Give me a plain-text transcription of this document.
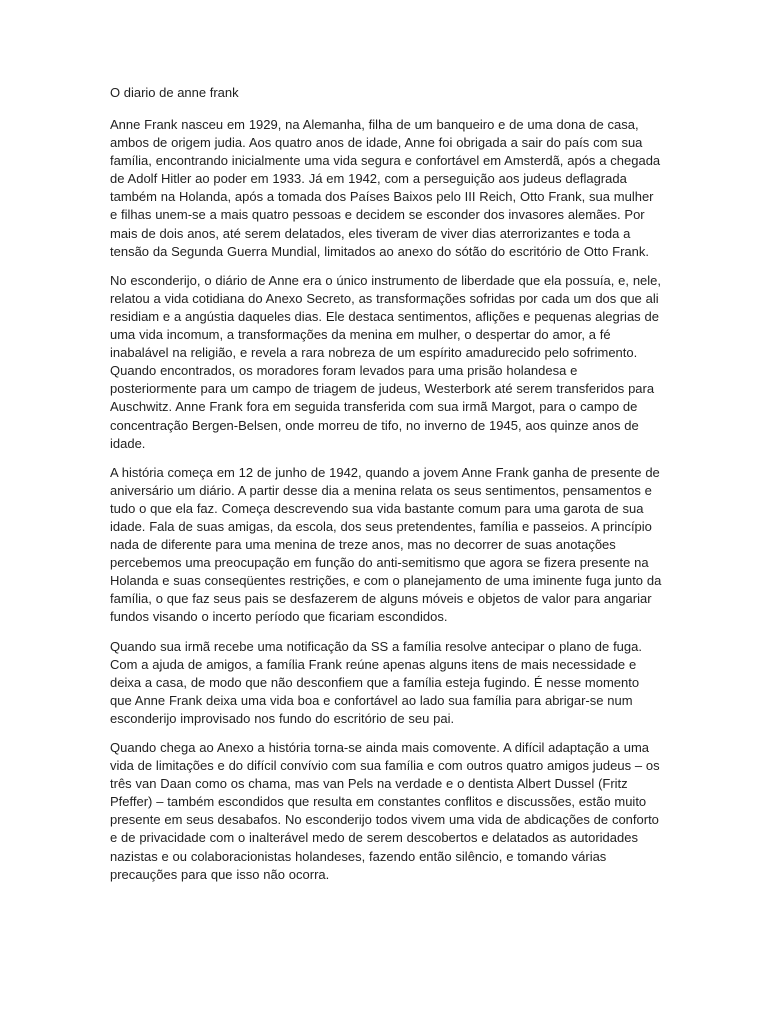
O diario de anne frank

Anne Frank nasceu em 1929, na Alemanha, filha de um banqueiro e de uma dona de casa, ambos de origem judia. Aos quatro anos de idade, Anne foi obrigada a sair do país com sua família, encontrando inicialmente uma vida segura e confortável em Amsterdã, após a chegada de Adolf Hitler ao poder em 1933. Já em 1942, com a perseguição aos judeus deflagrada também na Holanda, após a tomada dos Países Baixos pelo III Reich, Otto Frank, sua mulher e filhas unem-se a mais quatro pessoas e decidem se esconder dos invasores alemães. Por mais de dois anos, até serem delatados, eles tiveram de viver dias aterrorizantes e toda a tensão da Segunda Guerra Mundial, limitados ao anexo do sótão do escritório de Otto Frank.

No esconderijo, o diário de Anne era o único instrumento de liberdade que ela possuía, e, nele, relatou a vida cotidiana do Anexo Secreto, as transformações sofridas por cada um dos que ali residiam e a angústia daqueles dias. Ele destaca sentimentos, aflições e pequenas alegrias de uma vida incomum, a transformações da menina em mulher, o despertar do amor, a fé inabalável na religião, e revela a rara nobreza de um espírito amadurecido pelo sofrimento. Quando encontrados, os moradores foram levados para uma prisão holandesa e posteriormente para um campo de triagem de judeus, Westerbork até serem transferidos para Auschwitz. Anne Frank fora em seguida transferida com sua irmã Margot, para o campo de concentração Bergen-Belsen, onde morreu de tifo, no inverno de 1945, aos quinze anos de idade.

A história começa em 12 de junho de 1942, quando a jovem Anne Frank ganha de presente de aniversário um diário. A partir desse dia a menina relata os seus sentimentos, pensamentos e tudo o que ela faz. Começa descrevendo sua vida bastante comum para uma garota de sua idade. Fala de suas amigas, da escola, dos seus pretendentes, família e passeios. A princípio nada de diferente para uma menina de treze anos, mas no decorrer de suas anotações percebemos uma preocupação em função do anti-semitismo que agora se fizera presente na Holanda e suas conseqüentes restrições, e com o planejamento de uma iminente fuga junto da família, o que faz seus pais se desfazerem de alguns móveis e objetos de valor para angariar fundos visando o incerto período que ficariam escondidos.

Quando sua irmã recebe uma notificação da SS a família resolve antecipar o plano de fuga. Com a ajuda de amigos, a família Frank reúne apenas alguns itens de mais necessidade e deixa a casa, de modo que não desconfiem que a família esteja fugindo. É nesse momento que Anne Frank deixa uma vida boa e confortável ao lado sua família para abrigar-se num esconderijo improvisado nos fundo do escritório de seu pai.

Quando chega ao Anexo a história torna-se ainda mais comovente. A difícil adaptação a uma vida de limitações e do difícil convívio com sua família e com outros quatro amigos judeus – os três van Daan como os chama, mas van Pels na verdade e o dentista Albert Dussel (Fritz Pfeffer) – também escondidos que resulta em constantes conflitos e discussões, estão muito presente em seus desabafos. No esconderijo todos vivem uma vida de abdicações de conforto e de privacidade com o inalterável medo de serem descobertos e delatados as autoridades nazistas e ou colaboracionistas holandeses, fazendo então silêncio, e tomando várias precauções para que isso não ocorra.
